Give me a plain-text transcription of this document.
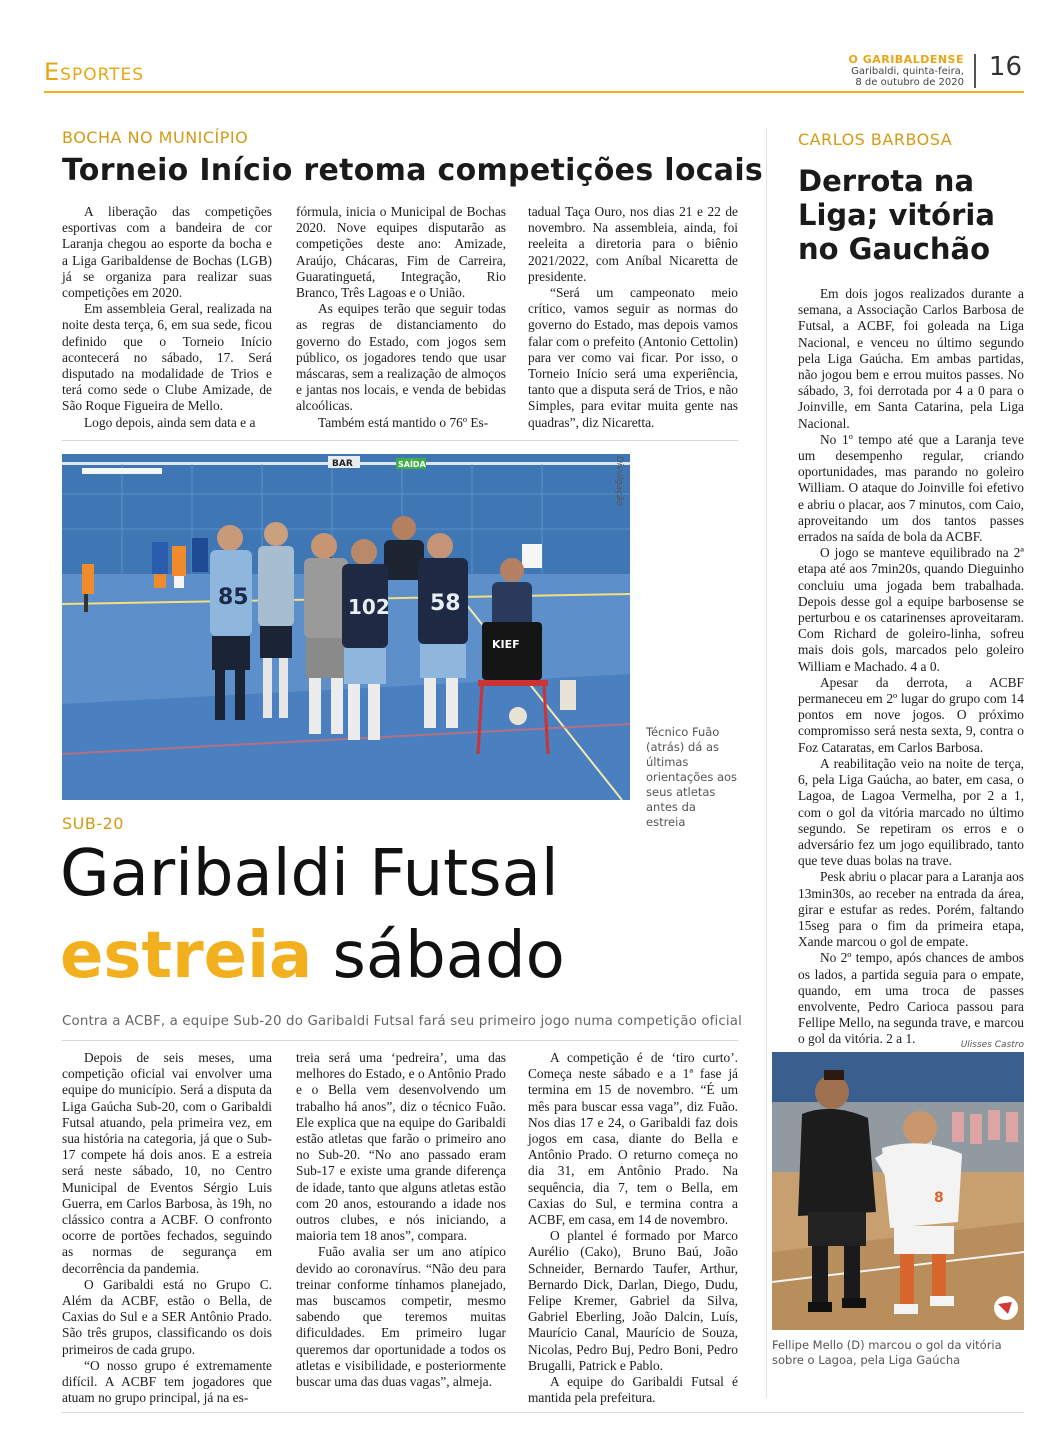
Esportes	O GARIBALDENSE
Garibaldi, quinta-feira,
8 de outubro de 2020
16
BOCHA NO MUNICÍPIO
Torneio Início retoma competições locais

A liberação das competições esportivas com a bandeira de cor Laranja chegou ao esporte da bocha e a Liga Garibaldense de Bochas (LGB) já se organiza para realizar suas competições em 2020.

Em assembleia Geral, realizada na noite desta terça, 6, em sua sede, ficou definido que o Torneio Início acontecerá no sábado, 17. Será disputado na modalidade de Trios e terá como sede o Clube Amizade, de São Roque Figueira de Mello.

Logo depois, ainda sem data e a

fórmula, inicia o Municipal de Bochas 2020. Nove equipes disputarão as competições deste ano: Amizade, Araújo, Chácaras, Fim de Carreira, Guaratinguetá, Integração, Rio Branco, Três Lagoas e o União.

As equipes terão que seguir todas as regras de distanciamento do governo do Estado, com jogos sem público, os jogadores tendo que usar máscaras, sem a realização de almoços e jantas nos locais, e venda de bebidas alcoólicas.

Também está mantido o 76º Es-

tadual Taça Ouro, nos dias 21 e 22 de novembro. Na assembleia, ainda, foi reeleita a diretoria para o biênio 2021/2022, com Aníbal Nicaretta de presidente.

“Será um campeonato meio crítico, vamos seguir as normas do governo do Estado, mas depois vamos falar com o prefeito (Antonio Cettolin) para ver como vai ficar. Por isso, o Torneio Início será uma experiência, tanto que a disputa será de Trios, e não Simples, para evitar muita gente nas quadras”, diz Nicaretta.

BAR	SAÍDA
85	102 58
KIEF
Divulgação
Técnico Fuão (atrás) dá as últimas orientações aos seus atletas antes da estreia
SUB-20
Garibaldi Futsal
estreia sábado
Contra a ACBF, a equipe Sub-20 do Garibaldi Futsal fará seu primeiro jogo numa competição oficial

Depois de seis meses, uma competição oficial vai envolver uma equipe do município. Será a disputa da Liga Gaúcha Sub-20, com o Garibaldi Futsal atuando, pela primeira vez, em sua história na categoria, já que o Sub-17 compete há dois anos. E a estreia será neste sábado, 10, no Centro Municipal de Eventos Sérgio Luis Guerra, em Carlos Barbosa, às 19h, no clássico contra a ACBF. O confronto ocorre de portões fechados, seguindo as normas de segurança em decorrência da pandemia.

O Garibaldi está no Grupo C. Além da ACBF, estão o Bella, de Caxias do Sul e a SER Antônio Prado. São três grupos, classificando os dois primeiros de cada grupo.

“O nosso grupo é extremamente difícil. A ACBF tem jogadores que atuam no grupo principal, já na es-

treia será uma ‘pedreira’, uma das melhores do Estado, e o Antônio Prado e o Bella vem desenvolvendo um trabalho há anos”, diz o técnico Fuão. Ele explica que na equipe do Garibaldi estão atletas que farão o primeiro ano no Sub-20. “No ano passado eram Sub-17 e existe uma grande diferença de idade, tanto que alguns atletas estão com 20 anos, estourando a idade nos outros clubes, e nós iniciando, a maioria tem 18 anos”, compara.

Fuão avalia ser um ano atípico devido ao coronavírus. “Não deu para treinar conforme tínhamos planejado, mas buscamos competir, mesmo sabendo que teremos muitas dificuldades. Em primeiro lugar queremos dar oportunidade a todos os atletas e visibilidade, e posteriormente buscar uma das duas vagas”, almeja.

A competição é de ‘tiro curto’. Começa neste sábado e a 1ª fase já termina em 15 de novembro. “É um mês para buscar essa vaga”, diz Fuão. Nos dias 17 e 24, o Garibaldi faz dois jogos em casa, diante do Bella e Antônio Prado. O returno começa no dia 31, em Antônio Prado. Na sequência, dia 7, tem o Bella, em Caxias do Sul, e termina contra a ACBF, em casa, em 14 de novembro.

O plantel é formado por Marco Aurélio (Cako), Bruno Baú, João Schneider, Bernardo Taufer, Arthur, Bernardo Dick, Darlan, Diego, Dudu, Felipe Kremer, Gabriel da Silva, Gabriel Eberling, João Dalcin, Luís, Maurício Canal, Maurício de Souza, Nicolas, Pedro Buj, Pedro Boni, Pedro Brugalli, Patrick e Pablo.

A equipe do Garibaldi Futsal é mantida pela prefeitura.

CARLOS BARBOSA
Derrota na Liga; vitória no Gauchão

Em dois jogos realizados durante a semana, a Associação Carlos Barbosa de Futsal, a ACBF, foi goleada na Liga Nacional, e venceu no último segundo pela Liga Gaúcha. Em ambas partidas, não jogou bem e errou muitos passes. No sábado, 3, foi derrotada por 4 a 0 para o Joinville, em Santa Catarina, pela Liga Nacional.

No 1º tempo até que a Laranja teve um desempenho regular, criando oportunidades, mas parando no goleiro William. O ataque do Joinville foi efetivo e abriu o placar, aos 7 minutos, com Caio, aproveitando um dos tantos passes errados na saída de bola da ACBF.

O jogo se manteve equilibrado na 2ª etapa até aos 7min20s, quando Dieguinho concluiu uma jogada bem trabalhada. Depois desse gol a equipe barbosense se perturbou e os catarinenses aproveitaram. Com Richard de goleiro-linha, sofreu mais dois gols, marcados pelo goleiro William e Machado. 4 a 0.

Apesar da derrota, a ACBF permaneceu em 2º lugar do grupo com 14 pontos em nove jogos. O próximo compromisso será nesta sexta, 9, contra o Foz Cataratas, em Carlos Barbosa.

A reabilitação veio na noite de terça, 6, pela Liga Gaúcha, ao bater, em casa, o Lagoa, de Lagoa Vermelha, por 2 a 1, com o gol da vitória marcado no último segundo. Se repetiram os erros e o adversário fez um jogo equilibrado, tanto que teve duas bolas na trave.

Pesk abriu o placar para a Laranja aos 13min30s, ao receber na entrada da área, girar e estufar as redes. Porém, faltando 15seg para o fim da primeira etapa, Xande marcou o gol de empate.

No 2º tempo, após chances de ambos os lados, a partida seguia para o empate, quando, em uma troca de passes envolvente, Pedro Carioca passou para Fellipe Mello, na segunda trave, e marcou o gol da vitória. 2 a 1.	Ulisses Castro
8
Fellipe Mello (D) marcou o gol da vitória sobre o Lagoa, pela Liga Gaúcha
